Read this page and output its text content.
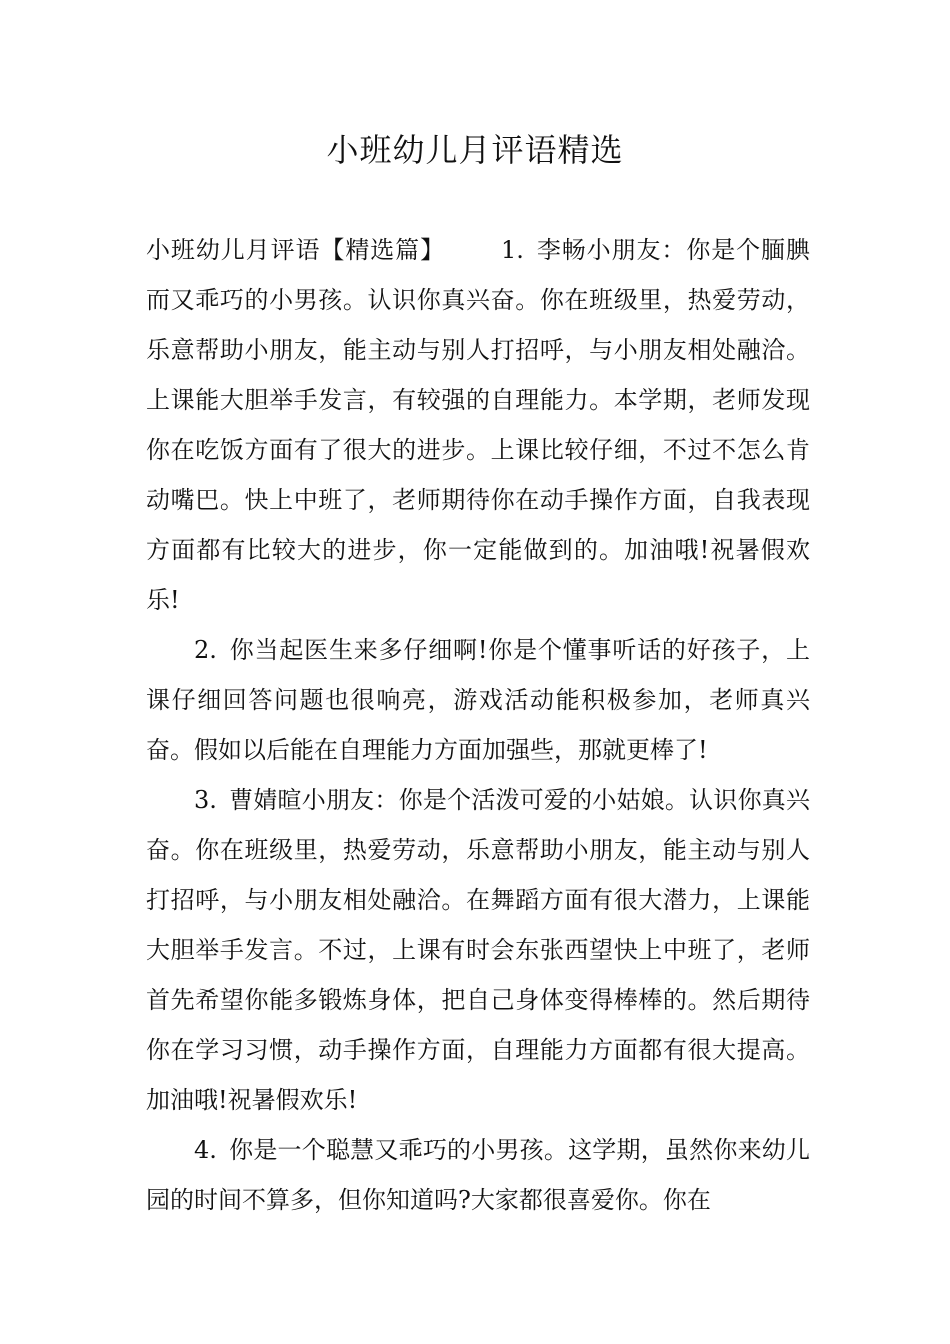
小班幼儿月评语精选

小班幼儿月评语【精选篇】 1. 李畅小朋友：你是个腼腆而又乖巧的小男孩。认识你真兴奋。你在班级里，热爱劳动，乐意帮助小朋友，能主动与别人打招呼，与小朋友相处融洽。上课能大胆举手发言，有较强的自理能力。本学期，老师发现你在吃饭方面有了很大的进步。上课比较仔细，不过不怎么肯动嘴巴。快上中班了，老师期待你在动手操作方面，自我表现方面都有比较大的进步，你一定能做到的。加油哦!祝暑假欢乐!

2. 你当起医生来多仔细啊!你是个懂事听话的好孩子，上课仔细回答问题也很响亮，游戏活动能积极参加，老师真兴奋。假如以后能在自理能力方面加强些，那就更棒了!

3. 曹婧暄小朋友：你是个活泼可爱的小姑娘。认识你真兴奋。你在班级里，热爱劳动，乐意帮助小朋友，能主动与别人打招呼，与小朋友相处融洽。在舞蹈方面有很大潜力，上课能大胆举手发言。不过，上课有时会东张西望快上中班了，老师首先希望你能多锻炼身体，把自己身体变得棒棒的。然后期待你在学习习惯，动手操作方面，自理能力方面都有很大提高。加油哦!祝暑假欢乐!

4. 你是一个聪慧又乖巧的小男孩。这学期，虽然你来幼儿园的时间不算多，但你知道吗?大家都很喜爱你。你在
